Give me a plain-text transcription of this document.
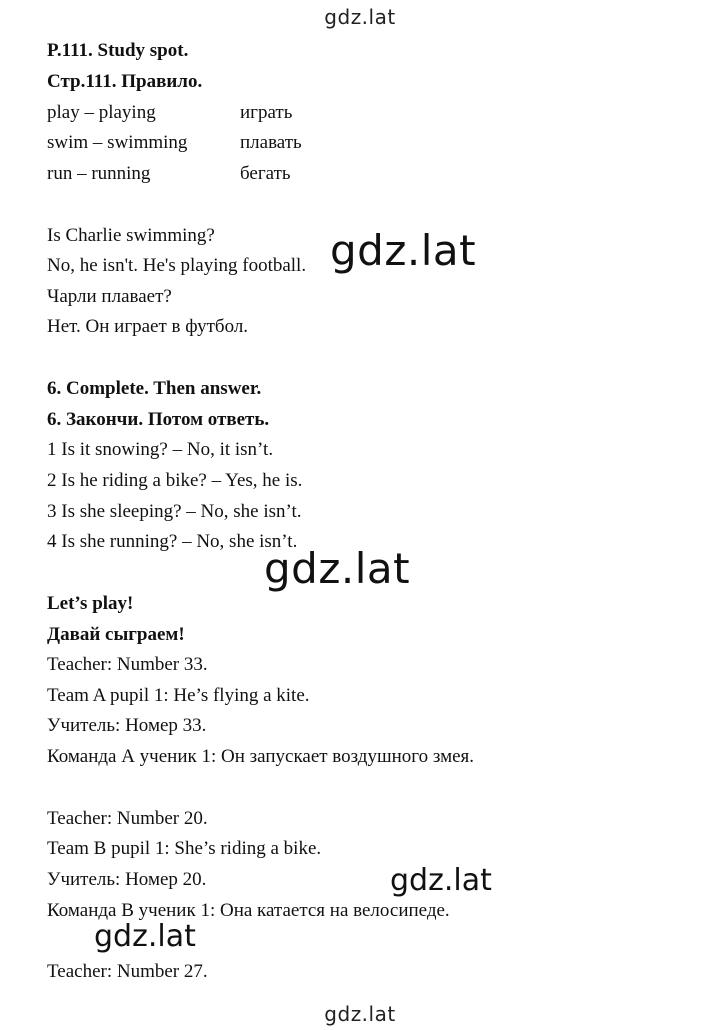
gdz.lat
P.111. Study spot.
Стр.111. Правило.
play – playing	играть
swim – swimming	плавать
run – running	бегать
Is Charlie swimming?
No, he isn't. He's playing football.
Чарли плавает?
Нет. Он играет в футбол.
gdz.lat
6. Complete. Then answer.
6. Закончи. Потом ответь.
1 Is it snowing? – No, it isn’t.
2 Is he riding a bike? – Yes, he is.
3 Is she sleeping? – No, she isn’t.
4 Is she running? – No, she isn’t.
gdz.lat
Let’s play!
Давай сыграем!
Teacher: Number 33.
Team A pupil 1: He’s flying a kite.
Учитель: Номер 33.
Команда А ученик 1: Он запускает воздушного змея.
Teacher: Number 20.
Team B pupil 1: She’s riding a bike.
Учитель: Номер 20.
Команда В ученик 1: Она катается на велосипеде.
gdz.lat
gdz.lat
Teacher: Number 27.
gdz.lat
